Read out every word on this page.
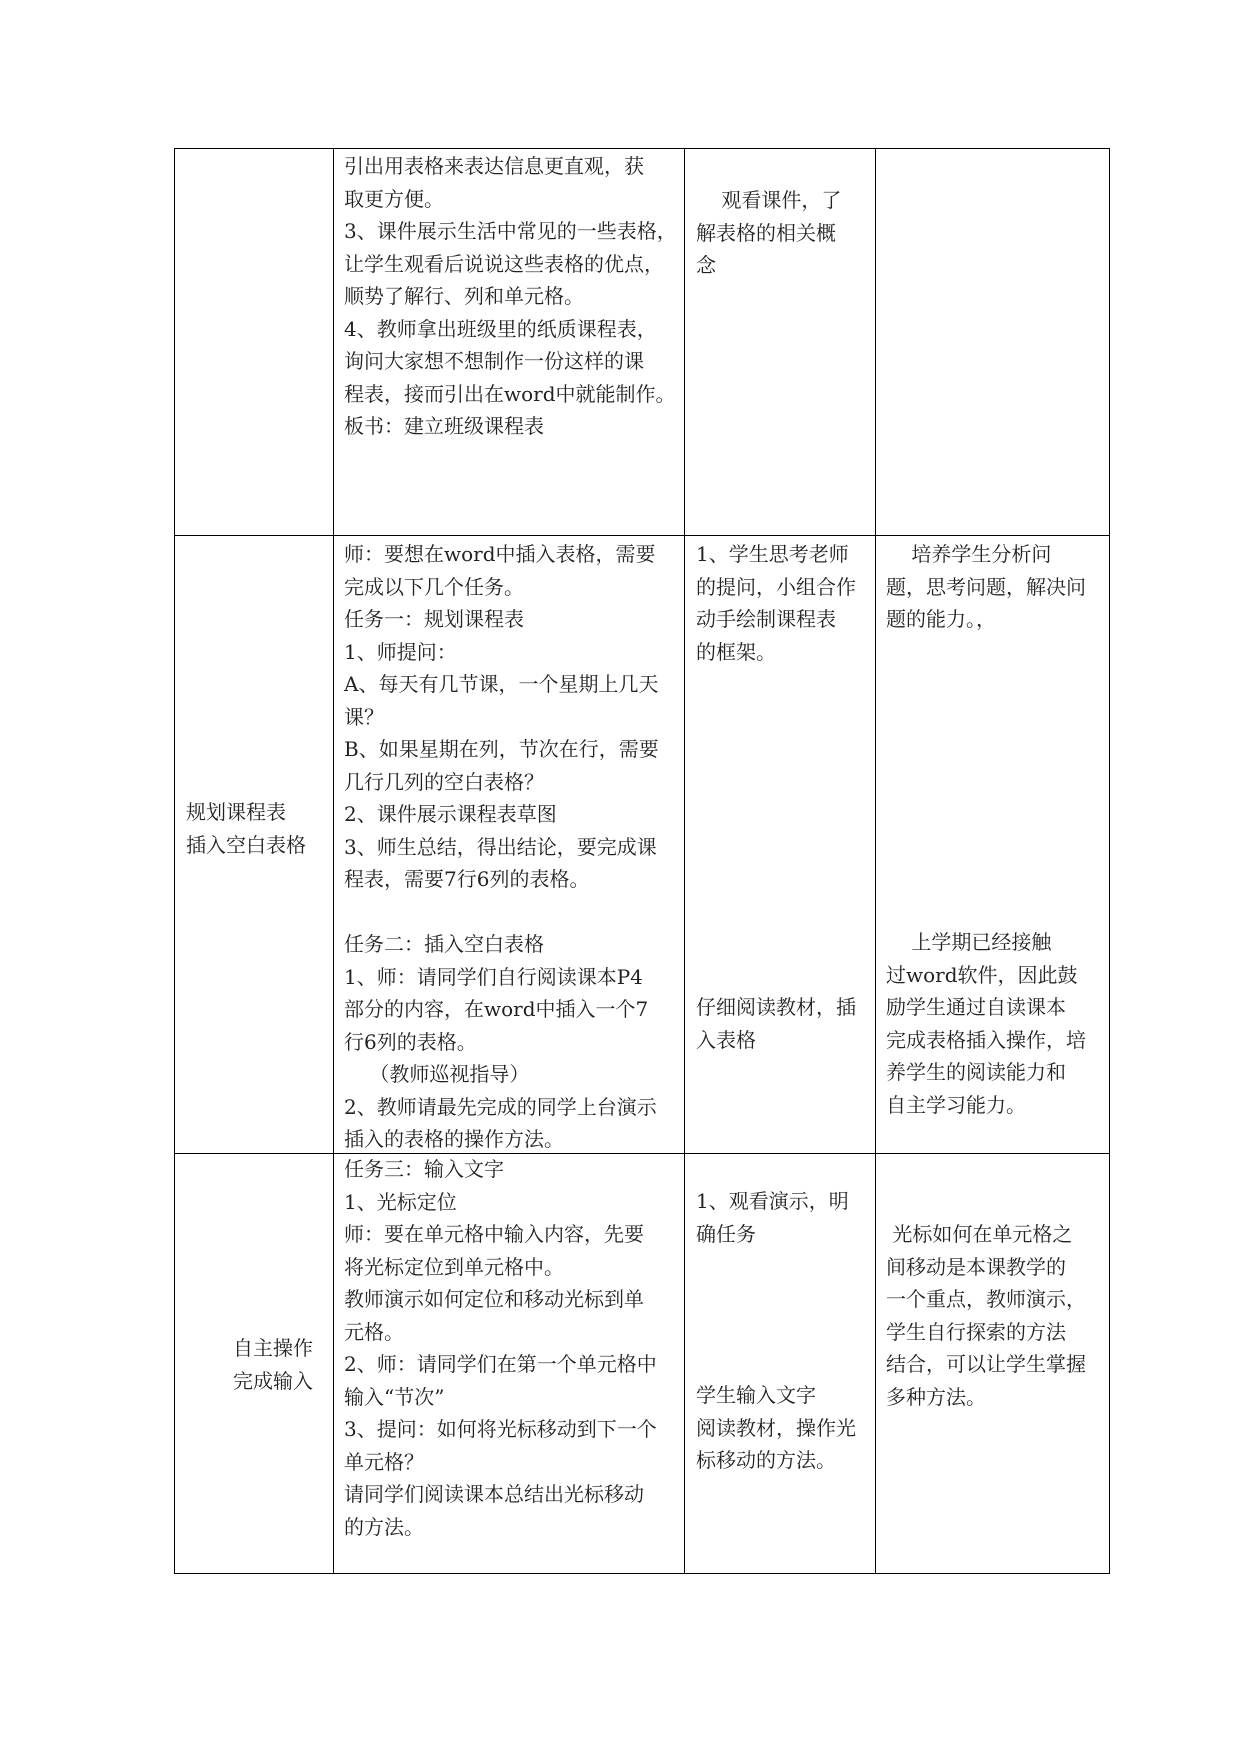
引出用表格来表达信息更直观，获
取更方便。
3、课件展示生活中常见的一些表格，
让学生观看后说说这些表格的优点，
顺势了解行、列和单元格。
4、教师拿出班级里的纸质课程表，
询问大家想不想制作一份这样的课
程表，接而引出在word中就能制作。
板书：建立班级课程表
观看课件，了
解表格的相关概
念
规划课程表
插入空白表格
师：要想在word中插入表格，需要
完成以下几个任务。
任务一：规划课程表
1、师提问：
A、每天有几节课，一个星期上几天
课？
B、如果星期在列，节次在行，需要
几行几列的空白表格？
2、课件展示课程表草图
3、师生总结，得出结论，要完成课
程表，需要7行6列的表格。

任务二：插入空白表格
1、师：请同学们自行阅读课本P4
部分的内容，在word中插入一个7
行6列的表格。
（教师巡视指导）
2、教师请最先完成的同学上台演示
插入的表格的操作方法。
1、学生思考老师
的提问，小组合作
动手绘制课程表
的框架。
仔细阅读教材，插
入表格
培养学生分析问
题，思考问题，解决问
题的能力。，
上学期已经接触
过word软件，因此鼓
励学生通过自读课本
完成表格插入操作，培
养学生的阅读能力和
自主学习能力。
自主操作
完成输入
任务三：输入文字
1、光标定位
师：要在单元格中输入内容，先要
将光标定位到单元格中。
教师演示如何定位和移动光标到单
元格。
2、师：请同学们在第一个单元格中
输入“节次”
3、提问：如何将光标移动到下一个
单元格？
请同学们阅读课本总结出光标移动
的方法。
1、观看演示，明
确任务
学生输入文字
阅读教材，操作光
标移动的方法。
光标如何在单元格之
间移动是本课教学的
一个重点，教师演示，
学生自行探索的方法
结合，可以让学生掌握
多种方法。
